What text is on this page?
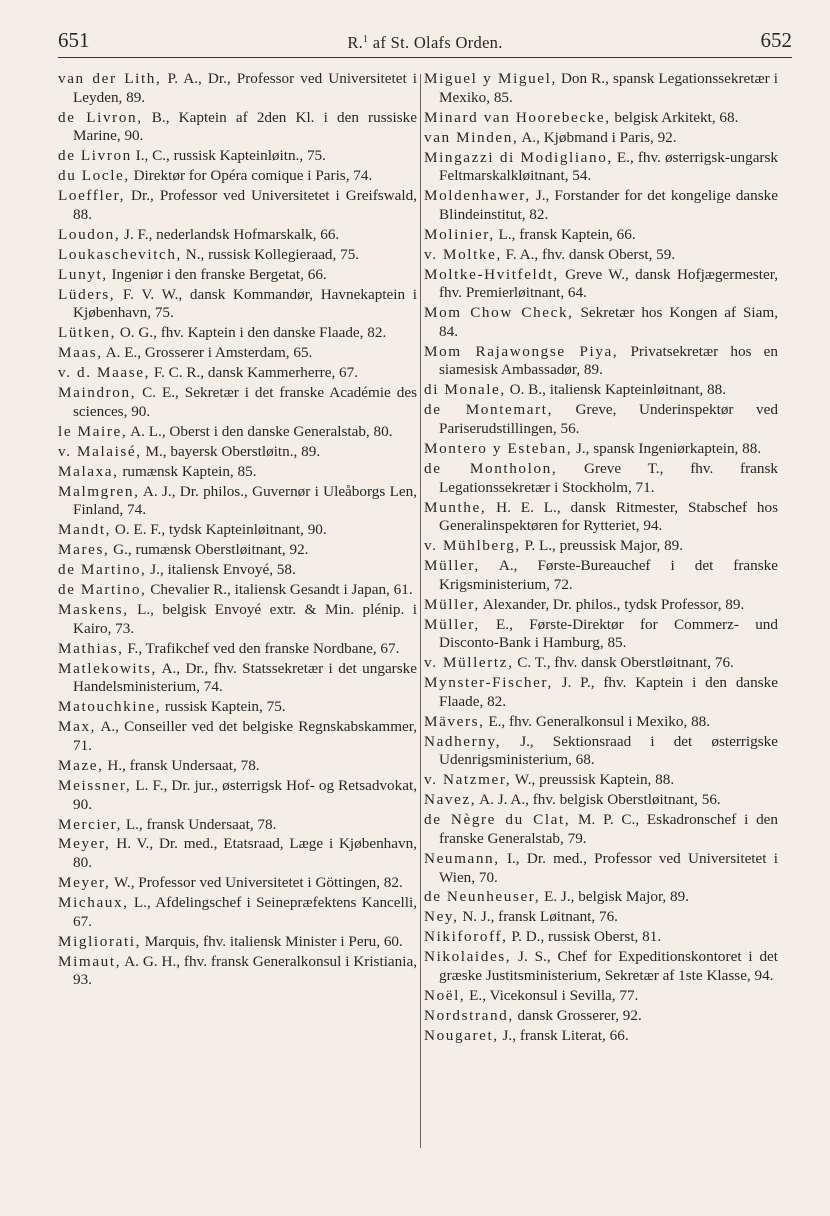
651	R.$^1$ af St. Olafs Orden.	652
van der Lith, P. A., Dr., Professor ved Universitetet i Leyden, 89.
de Livron, B., Kaptein af 2den Kl. i den russiske Marine, 90.
de Livron I., C., russisk Kapteinløitn., 75.
du Locle, Direktør for Opéra comique i Paris, 74.
Loeffler, Dr., Professor ved Universitetet i Greifswald, 88.
Loudon, J. F., nederlandsk Hofmarskalk, 66.
Loukaschevitch, N., russisk Kollegieraad, 75.
Lunyt, Ingeniør i den franske Bergetat, 66.
Lüders, F. V. W., dansk Kommandør, Havnekaptein i Kjøbenhavn, 75.
Lütken, O. G., fhv. Kaptein i den danske Flaade, 82.
Maas, A. E., Grosserer i Amsterdam, 65.
v. d. Maase, F. C. R., dansk Kammerherre, 67.
Maindron, C. E., Sekretær i det franske Académie des sciences, 90.
le Maire, A. L., Oberst i den danske Generalstab, 80.
v. Malaisé, M., bayersk Oberstløitn., 89.
Malaxa, rumænsk Kaptein, 85.
Malmgren, A. J., Dr. philos., Guvernør i Uleåborgs Len, Finland, 74.
Mandt, O. E. F., tydsk Kapteinløitnant, 90.
Mares, G., rumænsk Oberstløitnant, 92.
de Martino, J., italiensk Envoyé, 58.
de Martino, Chevalier R., italiensk Gesandt i Japan, 61.
Maskens, L., belgisk Envoyé extr. & Min. plénip. i Kairo, 73.
Mathias, F., Trafikchef ved den franske Nordbane, 67.
Matlekowits, A., Dr., fhv. Statssekretær i det ungarske Handelsministerium, 74.
Matouchkine, russisk Kaptein, 75.
Max, A., Conseiller ved det belgiske Regnskabskammer, 71.
Maze, H., fransk Undersaat, 78.
Meissner, L. F., Dr. jur., østerrigsk Hof- og Retsadvokat, 90.
Mercier, L., fransk Undersaat, 78.
Meyer, H. V., Dr. med., Etatsraad, Læge i Kjøbenhavn, 80.
Meyer, W., Professor ved Universitetet i Göttingen, 82.
Michaux, L., Afdelingschef i Seinepræfektens Kancelli, 67.
Migliorati, Marquis, fhv. italiensk Minister i Peru, 60.
Mimaut, A. G. H., fhv. fransk Generalkonsul i Kristiania, 93.
Miguel y Miguel, Don R., spansk Legationssekretær i Mexiko, 85.
Minard van Hoorebecke, belgisk Arkitekt, 68.
van Minden, A., Kjøbmand i Paris, 92.
Mingazzi di Modigliano, E., fhv. østerrigsk-ungarsk Feltmarskalkløitnant, 54.
Moldenhawer, J., Forstander for det kongelige danske Blindeinstitut, 82.
Molinier, L., fransk Kaptein, 66.
v. Moltke, F. A., fhv. dansk Oberst, 59.
Moltke-Hvitfeldt, Greve W., dansk Hofjægermester, fhv. Premierløitnant, 64.
Mom Chow Check, Sekretær hos Kongen af Siam, 84.
Mom Rajawongse Piya, Privatsekretær hos en siamesisk Ambassadør, 89.
di Monale, O. B., italiensk Kapteinløitnant, 88.
de Montemart, Greve, Underinspektør ved Pariserudstillingen, 56.
Montero y Esteban, J., spansk Ingeniørkaptein, 88.
de Montholon, Greve T., fhv. fransk Legationssekretær i Stockholm, 71.
Munthe, H. E. L., dansk Ritmester, Stabschef hos Generalinspektøren for Rytteriet, 94.
v. Mühlberg, P. L., preussisk Major, 89.
Müller, A., Første-Bureauchef i det franske Krigsministerium, 72.
Müller, Alexander, Dr. philos., tydsk Professor, 89.
Müller, E., Første-Direktør for Commerz- und Disconto-Bank i Hamburg, 85.
v. Müllertz, C. T., fhv. dansk Oberstløitnant, 76.
Mynster-Fischer, J. P., fhv. Kaptein i den danske Flaade, 82.
Mävers, E., fhv. Generalkonsul i Mexiko, 88.
Nadherny, J., Sektionsraad i det østerrigske Udenrigsministerium, 68.
v. Natzmer, W., preussisk Kaptein, 88.
Navez, A. J. A., fhv. belgisk Oberstløitnant, 56.
de Nègre du Clat, M. P. C., Eskadronschef i den franske Generalstab, 79.
Neumann, I., Dr. med., Professor ved Universitetet i Wien, 70.
de Neunheuser, E. J., belgisk Major, 89.
Ney, N. J., fransk Løitnant, 76.
Nikiforoff, P. D., russisk Oberst, 81.
Nikolaides, J. S., Chef for Expeditionskontoret i det græske Justitsministerium, Sekretær af 1ste Klasse, 94.
Noël, E., Vicekonsul i Sevilla, 77.
Nordstrand, dansk Grosserer, 92.
Nougaret, J., fransk Literat, 66.
